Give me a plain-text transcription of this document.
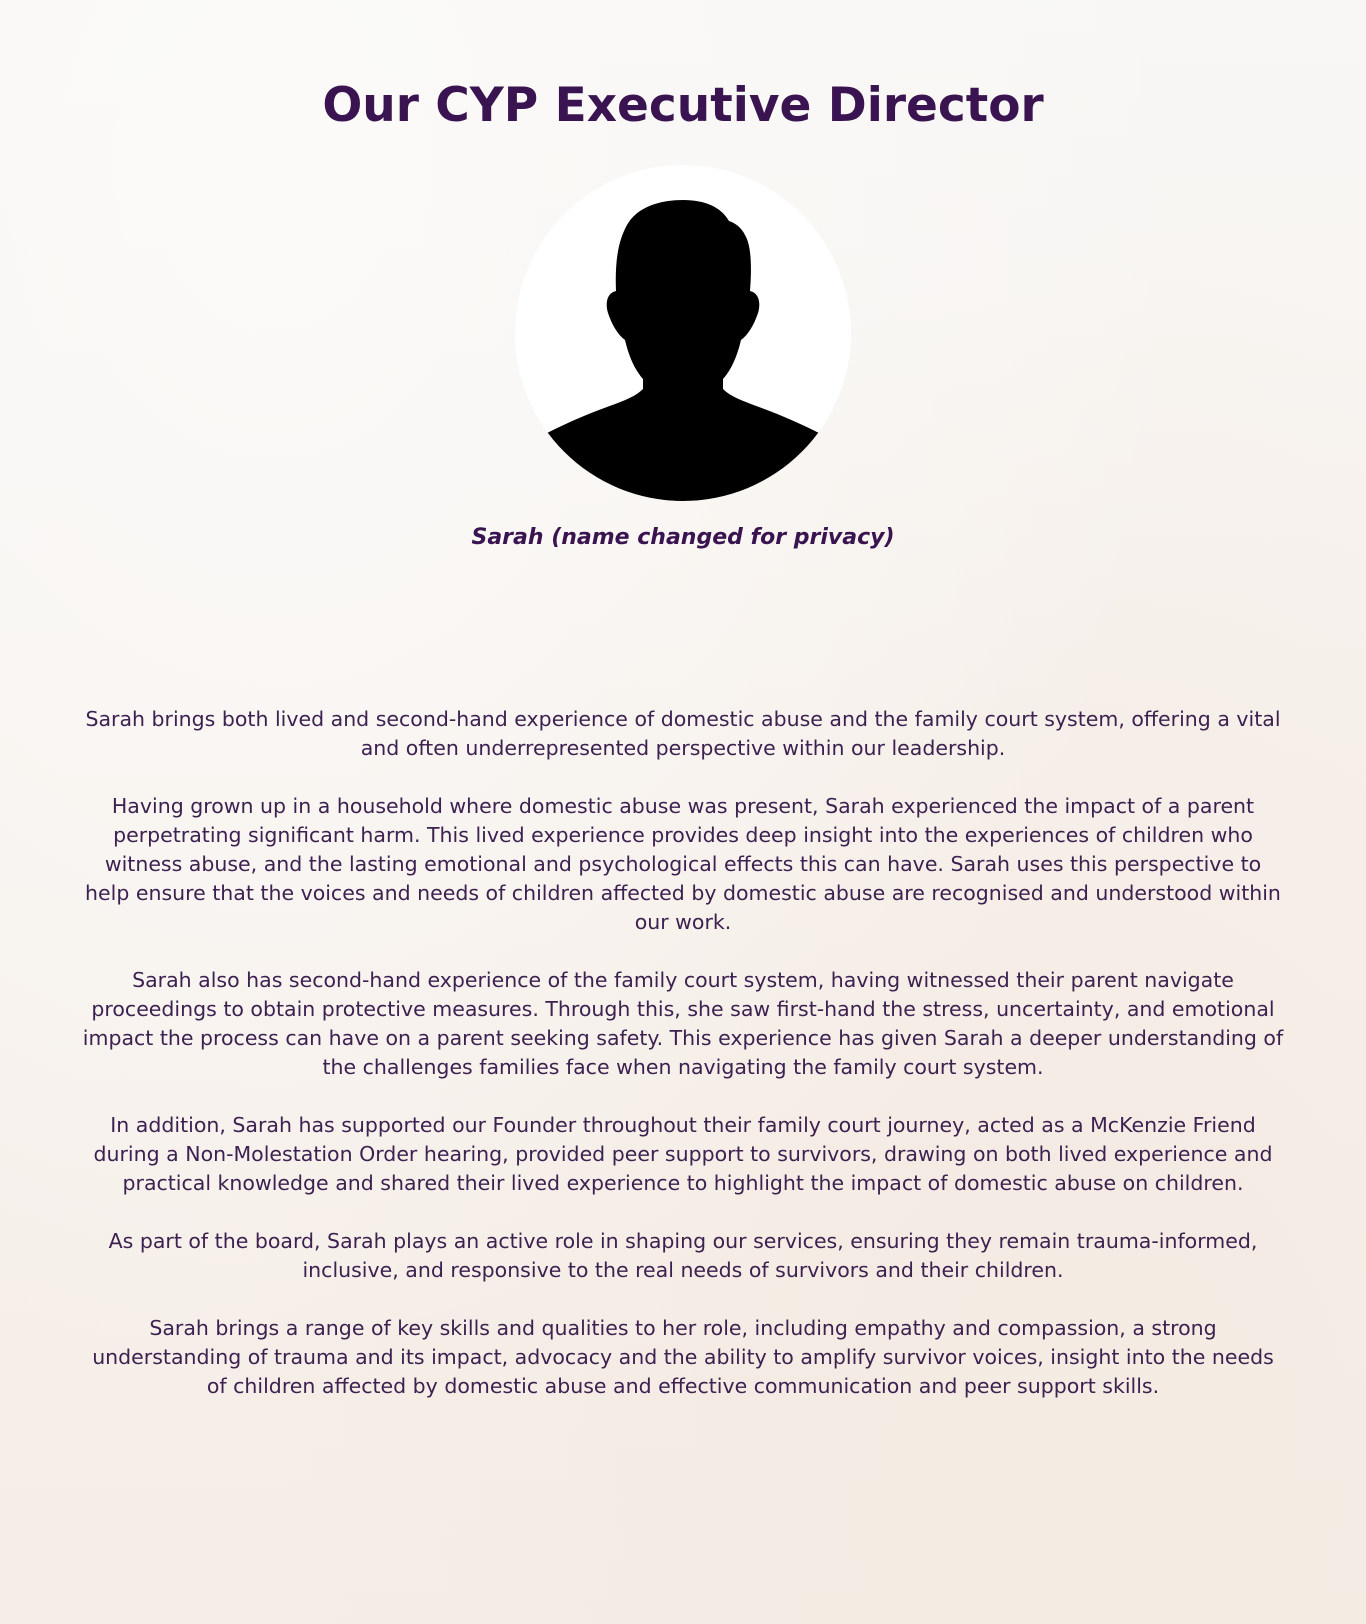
Our CYP Executive Director

Sarah (name changed for privacy)

Sarah brings both lived and second-hand experience of domestic abuse and the family court system, offering a vital and often underrepresented perspective within our leadership.

Having grown up in a household where domestic abuse was present, Sarah experienced the impact of a parent perpetrating significant harm. This lived experience provides deep insight into the experiences of children who witness abuse, and the lasting emotional and psychological effects this can have. Sarah uses this perspective to help ensure that the voices and needs of children affected by domestic abuse are recognised and understood within our work.

Sarah also has second-hand experience of the family court system, having witnessed their parent navigate proceedings to obtain protective measures. Through this, she saw first-hand the stress, uncertainty, and emotional impact the process can have on a parent seeking safety. This experience has given Sarah a deeper understanding of the challenges families face when navigating the family court system.

In addition, Sarah has supported our Founder throughout their family court journey, acted as a McKenzie Friend during a Non-Molestation Order hearing, provided peer support to survivors, drawing on both lived experience and practical knowledge and shared their lived experience to highlight the impact of domestic abuse on children.

As part of the board, Sarah plays an active role in shaping our services, ensuring they remain trauma-informed, inclusive, and responsive to the real needs of survivors and their children.

Sarah brings a range of key skills and qualities to her role, including empathy and compassion, a strong understanding of trauma and its impact, advocacy and the ability to amplify survivor voices, insight into the needs of children affected by domestic abuse and effective communication and peer support skills.
